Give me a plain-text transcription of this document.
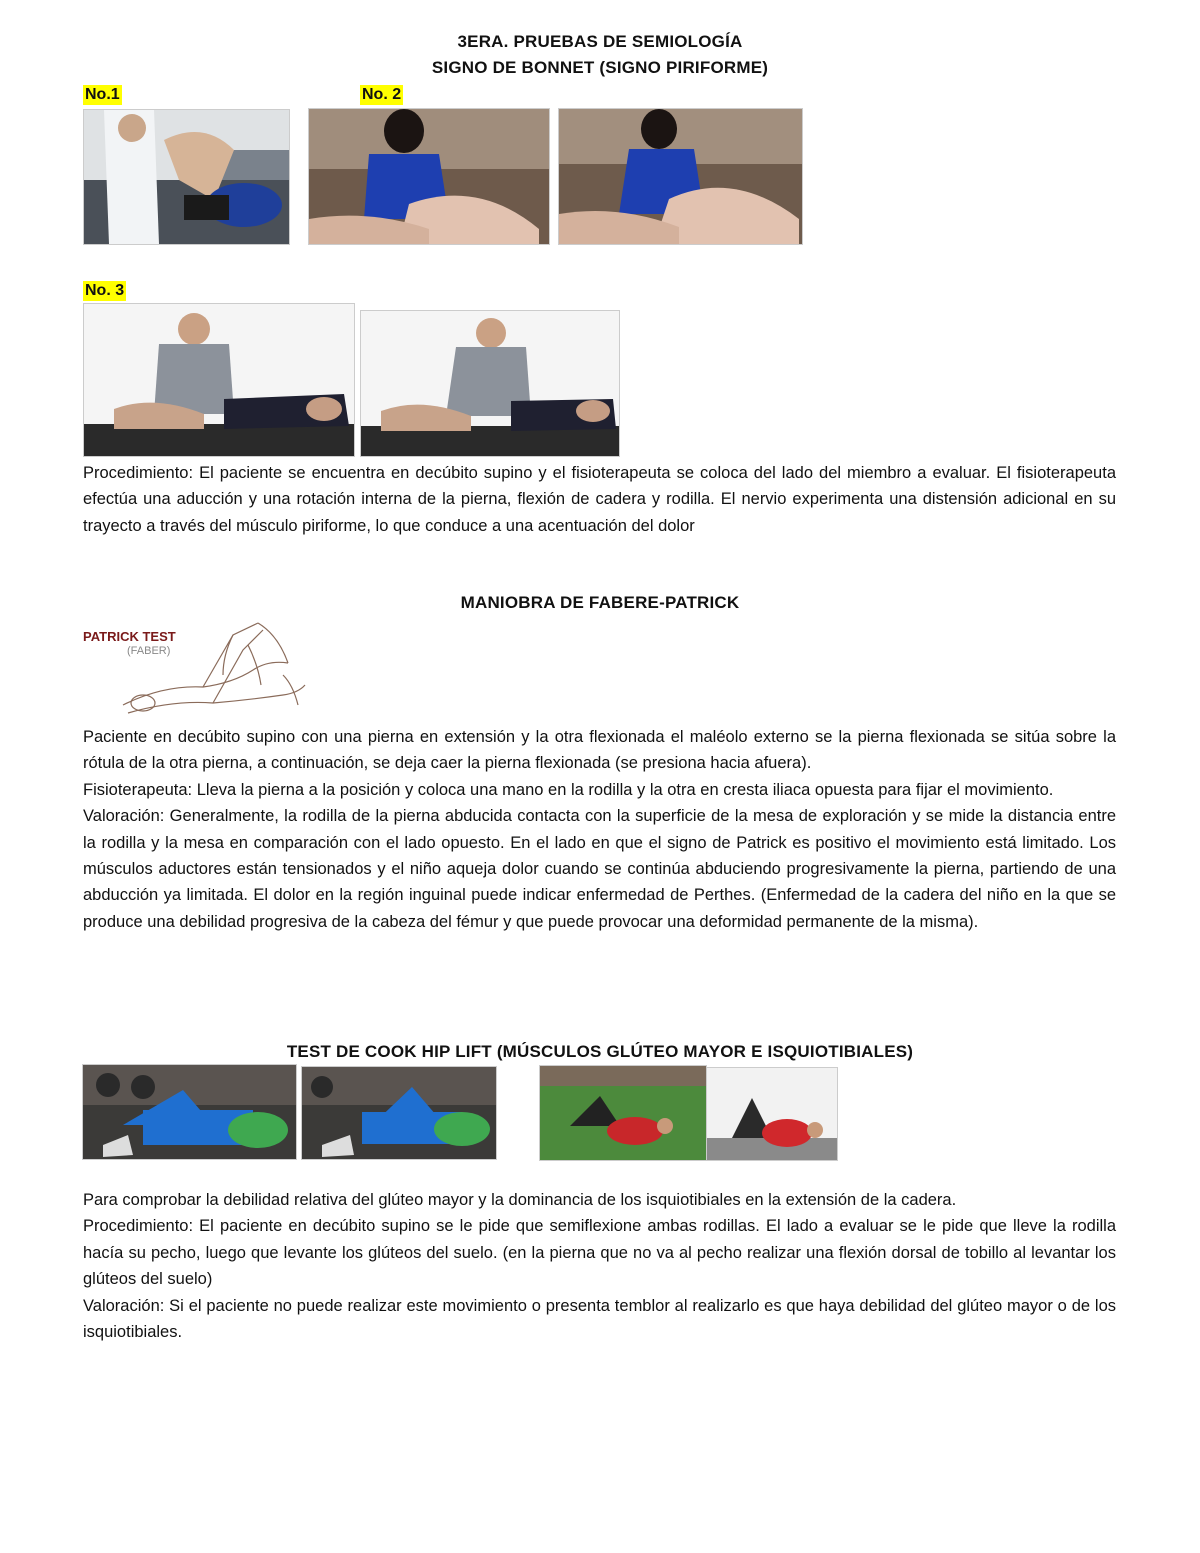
3ERA. PRUEBAS DE SEMIOLOGÍA
SIGNO DE BONNET (SIGNO PIRIFORME)
No.1	No. 2
No. 3

Procedimiento: El paciente se encuentra en decúbito supino y el fisioterapeuta se coloca del lado del miembro a evaluar. El fisioterapeuta efectúa una aducción y una rotación interna de la pierna, flexión de cadera y rodilla. El nervio experimenta una distensión adicional en su trayecto a través del músculo piriforme, lo que conduce a una acentuación del dolor

MANIOBRA DE FABERE-PATRICK
PATRICK TEST
(FABER)

Paciente en decúbito supino con una pierna en extensión y la otra flexionada el maléolo externo se la pierna flexionada se sitúa sobre la rótula de la otra pierna, a continuación, se deja caer la pierna flexionada (se presiona hacia afuera).

Fisioterapeuta: Lleva la pierna a la posición y coloca una mano en la rodilla y la otra en cresta iliaca opuesta para fijar el movimiento.

Valoración: Generalmente, la rodilla de la pierna abducida contacta con la superficie de la mesa de exploración y se mide la distancia entre la rodilla y la mesa en comparación con el lado opuesto. En el lado en que el signo de Patrick es positivo el movimiento está limitado. Los músculos aductores están tensionados y el niño aqueja dolor cuando se continúa abduciendo progresivamente la pierna, partiendo de una abducción ya limitada. El dolor en la región inguinal puede indicar enfermedad de Perthes. (Enfermedad de la cadera del niño en la que se produce una debilidad progresiva de la cabeza del fémur y que puede provocar una deformidad permanente de la misma).

TEST DE COOK HIP LIFT (MÚSCULOS GLÚTEO MAYOR E ISQUIOTIBIALES)

Para comprobar la debilidad relativa del glúteo mayor y la dominancia de los isquiotibiales en la extensión de la cadera.

Procedimiento: El paciente en decúbito supino se le pide que semiflexione ambas rodillas. El lado a evaluar se le pide que lleve la rodilla hacía su pecho, luego que levante los glúteos del suelo. (en la pierna que no va al pecho realizar una flexión dorsal de tobillo al levantar los glúteos del suelo)

Valoración: Si el paciente no puede realizar este movimiento o presenta temblor al realizarlo es que haya debilidad del glúteo mayor o de los isquiotibiales.
